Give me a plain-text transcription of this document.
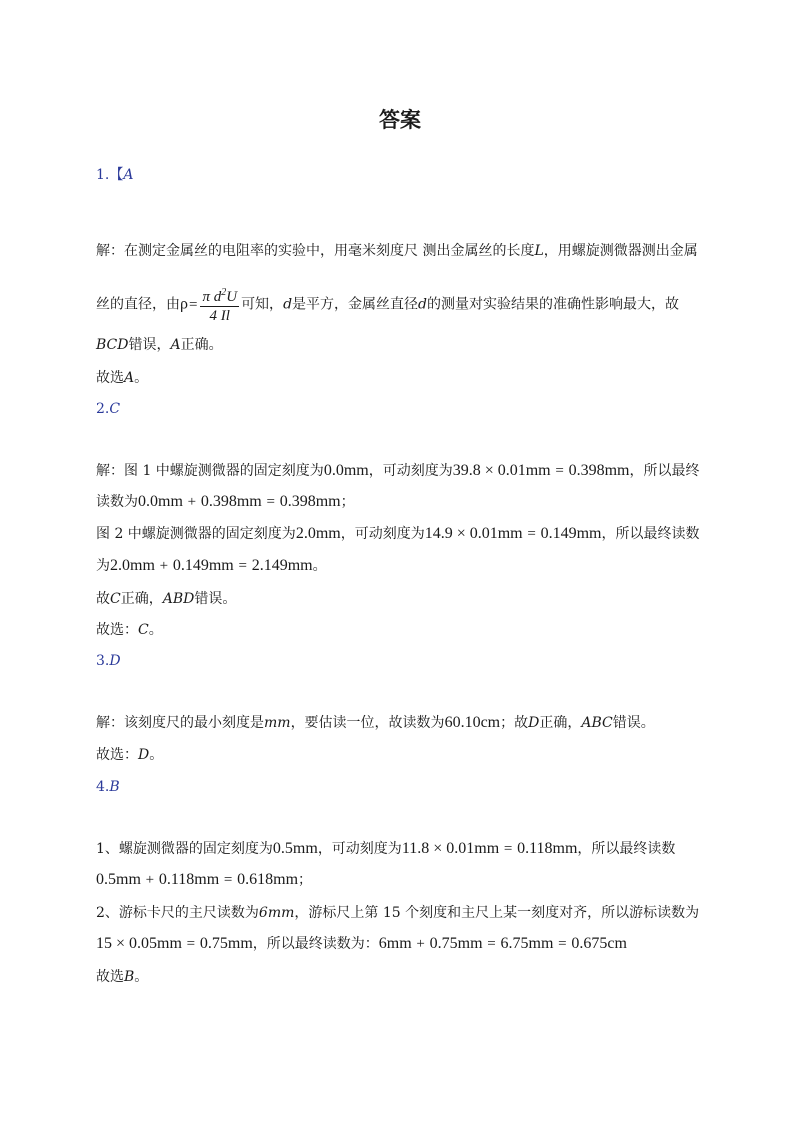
答案
1.【A
解：在测定金属丝的电阻率的实验中，用毫米刻度尺 测出金属丝的长度L，用螺旋测微器测出金属
丝的直径，由$\rho= \frac{\pi d^2U}{4 Il}$ 可知，d是平方，金属丝直径d的测量对实验结果的准确性影响最大，故
BCD错误，A正确。
故选A。
2.C
解：图 1 中螺旋测微器的固定刻度为0.0mm，可动刻度为39.8 × 0.01mm = 0.398mm，所以最终
读数为0.0mm + 0.398mm = 0.398mm；
图 2 中螺旋测微器的固定刻度为2.0mm，可动刻度为14.9 × 0.01mm = 0.149mm，所以最终读数
为2.0mm + 0.149mm = 2.149mm。
故C正确，ABD错误。
故选：C。
3.D
解：该刻度尺的最小刻度是mm，要估读一位，故读数为60.10cm；故D正确，ABC错误。
故选：D。
4.B
1、螺旋测微器的固定刻度为0.5mm，可动刻度为11.8 × 0.01mm = 0.118mm，所以最终读数
0.5mm + 0.118mm = 0.618mm；
2、游标卡尺的主尺读数为6mm，游标尺上第 15 个刻度和主尺上某一刻度对齐，所以游标读数为
15 × 0.05mm = 0.75mm，所以最终读数为：6mm + 0.75mm = 6.75mm = 0.675cm
故选B。
